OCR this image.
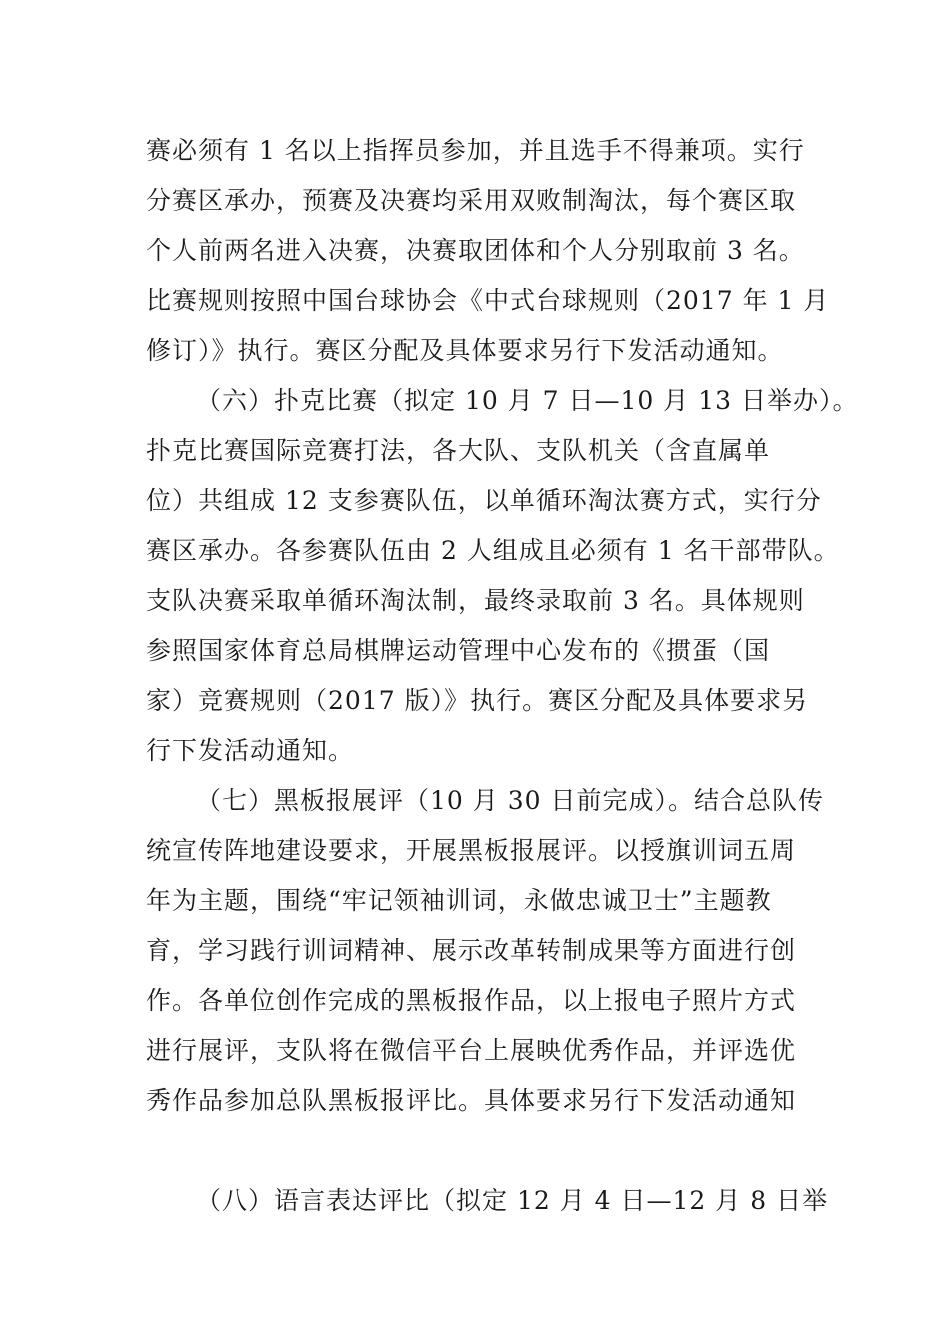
赛必须有 1 名以上指挥员参加，并且选手不得兼项。实行
分赛区承办，预赛及决赛均采用双败制淘汰，每个赛区取
个人前两名进入决赛，决赛取团体和个人分别取前 3 名。
比赛规则按照中国台球协会《中式台球规则（2017 年 1 月
修订）》执行。赛区分配及具体要求另行下发活动通知。
（六）扑克比赛（拟定 10 月 7 日—10 月 13 日举办）。
扑克比赛国际竞赛打法，各大队、支队机关（含直属单
位）共组成 12 支参赛队伍，以单循环淘汰赛方式，实行分
赛区承办。各参赛队伍由 2 人组成且必须有 1 名干部带队。
支队决赛采取单循环淘汰制，最终录取前 3 名。具体规则
参照国家体育总局棋牌运动管理中心发布的《掼蛋（国
家）竞赛规则（2017 版）》执行。赛区分配及具体要求另
行下发活动通知。
（七）黑板报展评（10 月 30 日前完成）。结合总队传
统宣传阵地建设要求，开展黑板报展评。以授旗训词五周
年为主题，围绕“牢记领袖训词，永做忠诚卫士”主题教
育，学习践行训词精神、展示改革转制成果等方面进行创
作。各单位创作完成的黑板报作品，以上报电子照片方式
进行展评，支队将在微信平台上展映优秀作品，并评选优
秀作品参加总队黑板报评比。具体要求另行下发活动通知
（八）语言表达评比（拟定 12 月 4 日—12 月 8 日举
